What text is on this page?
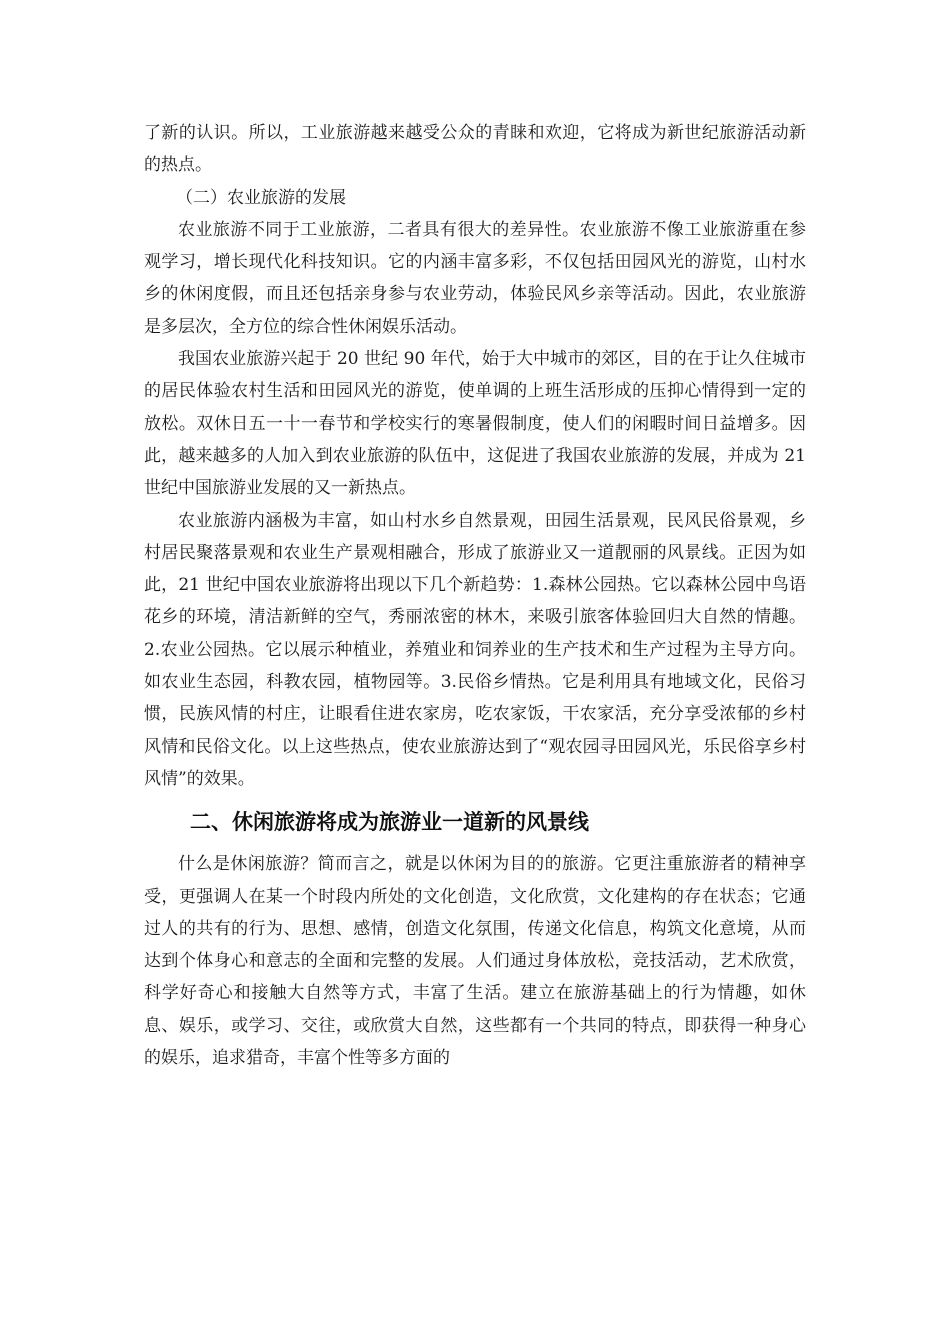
了新的认识。所以，工业旅游越来越受公众的青睐和欢迎，它将成为新世纪旅游活动新的热点。

（二）农业旅游的发展

农业旅游不同于工业旅游，二者具有很大的差异性。农业旅游不像工业旅游重在参观学习，增长现代化科技知识。它的内涵丰富多彩，不仅包括田园风光的游览，山村水乡的休闲度假，而且还包括亲身参与农业劳动，体验民风乡亲等活动。因此，农业旅游是多层次，全方位的综合性休闲娱乐活动。

我国农业旅游兴起于 20 世纪 90 年代，始于大中城市的郊区，目的在于让久住城市的居民体验农村生活和田园风光的游览，使单调的上班生活形成的压抑心情得到一定的放松。双休日五一十一春节和学校实行的寒暑假制度，使人们的闲暇时间日益增多。因此，越来越多的人加入到农业旅游的队伍中，这促进了我国农业旅游的发展，并成为 21 世纪中国旅游业发展的又一新热点。

农业旅游内涵极为丰富，如山村水乡自然景观，田园生活景观，民风民俗景观，乡村居民聚落景观和农业生产景观相融合，形成了旅游业又一道靓丽的风景线。正因为如此，21 世纪中国农业旅游将出现以下几个新趋势：1.森林公园热。它以森林公园中鸟语花乡的环境，清洁新鲜的空气，秀丽浓密的林木，来吸引旅客体验回归大自然的情趣。2.农业公园热。它以展示种植业，养殖业和饲养业的生产技术和生产过程为主导方向。如农业生态园，科教农园，植物园等。3.民俗乡情热。它是利用具有地域文化，民俗习惯，民族风情的村庄，让眼看住进农家房，吃农家饭，干农家活，充分享受浓郁的乡村风情和民俗文化。以上这些热点，使农业旅游达到了“观农园寻田园风光，乐民俗享乡村风情”的效果。

二、休闲旅游将成为旅游业一道新的风景线

什么是休闲旅游？简而言之，就是以休闲为目的的旅游。它更注重旅游者的精神享受，更强调人在某一个时段内所处的文化创造，文化欣赏，文化建构的存在状态；它通过人的共有的行为、思想、感情，创造文化氛围，传递文化信息，构筑文化意境，从而达到个体身心和意志的全面和完整的发展。人们通过身体放松，竞技活动，艺术欣赏，科学好奇心和接触大自然等方式，丰富了生活。建立在旅游基础上的行为情趣，如休息、娱乐，或学习、交往，或欣赏大自然，这些都有一个共同的特点，即获得一种身心的娱乐，追求猎奇，丰富个性等多方面的
